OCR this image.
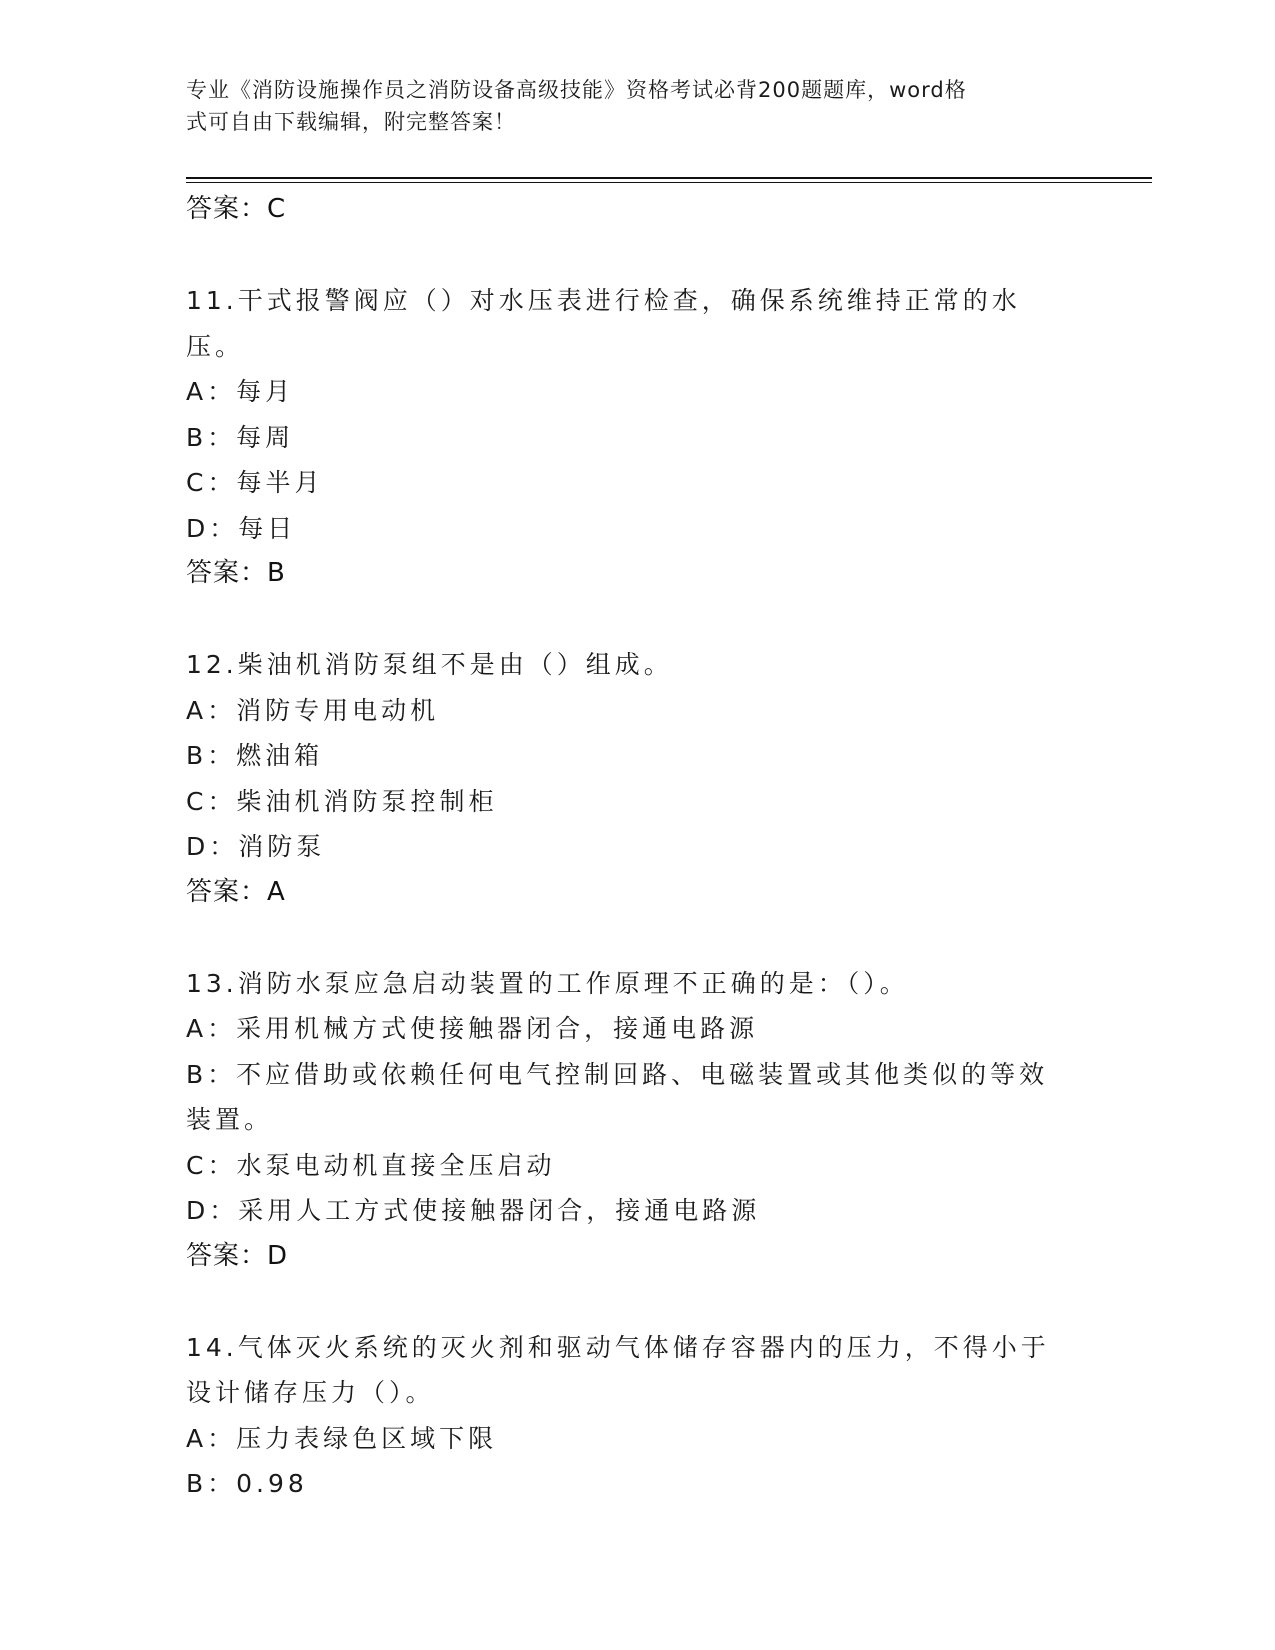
专业《消防设施操作员之消防设备高级技能》资格考试必背200题题库，word格
式可自由下载编辑，附完整答案！
答案：C
11.干式报警阀应（）对水压表进行检查，确保系统维持正常的水压。
A：每月
B：每周
C：每半月
D：每日
答案：B
12.柴油机消防泵组不是由（）组成。
A：消防专用电动机
B：燃油箱
C：柴油机消防泵控制柜
D：消防泵
答案：A
13.消防水泵应急启动装置的工作原理不正确的是：（）。
A：采用机械方式使接触器闭合，接通电路源
B：不应借助或依赖任何电气控制回路、电磁装置或其他类似的等效装置。
C：水泵电动机直接全压启动
D：采用人工方式使接触器闭合，接通电路源
答案：D
14.气体灭火系统的灭火剂和驱动气体储存容器内的压力，不得小于设计储存压力（）。
A：压力表绿色区域下限
B：0.98
